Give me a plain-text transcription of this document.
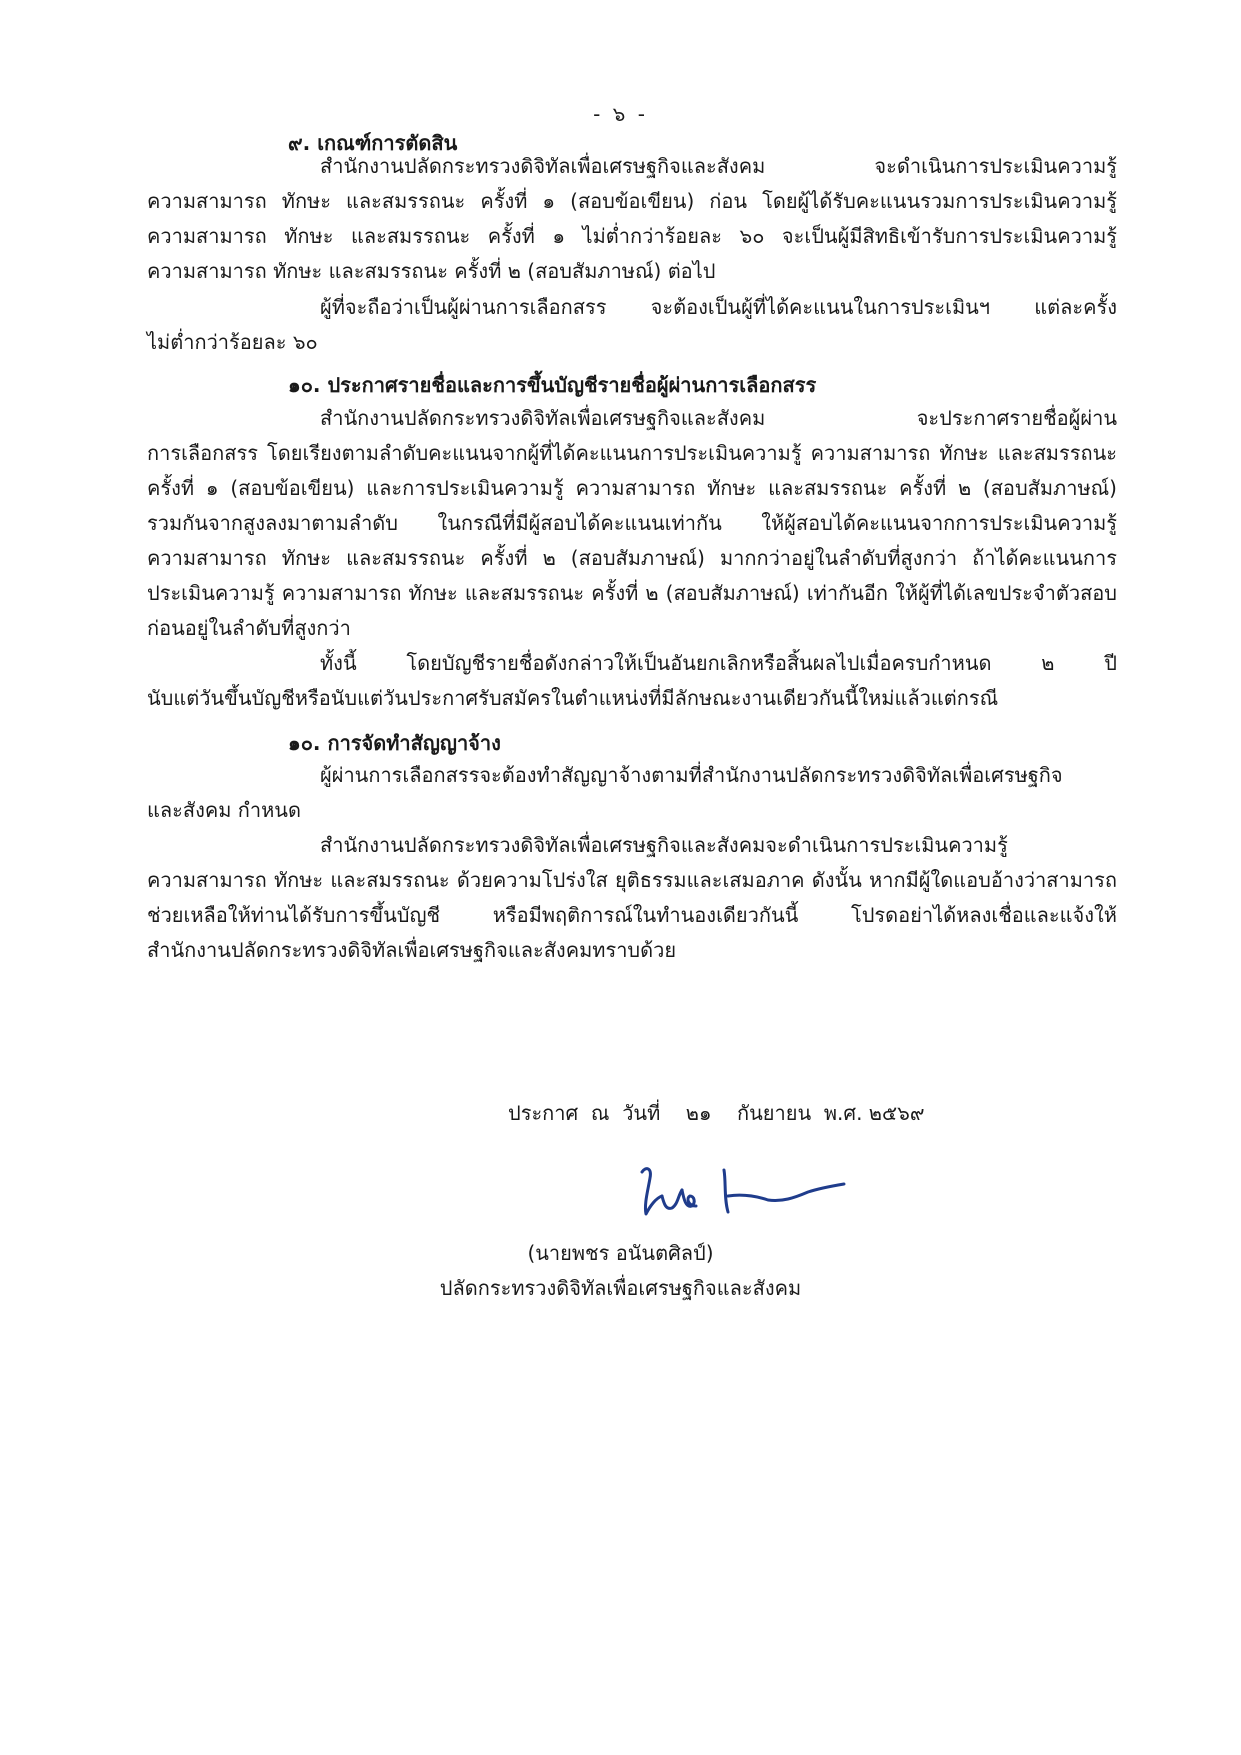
- ๖ -
๙. เกณฑ์การตัดสิน
สำนักงานปลัดกระทรวงดิจิทัลเพื่อเศรษฐกิจและสังคม จะดำเนินการประเมินความรู้
ความสามารถ ทักษะ และสมรรถนะ ครั้งที่ ๑ (สอบข้อเขียน) ก่อน โดยผู้ได้รับคะแนนรวมการประเมินความรู้
ความสามารถ ทักษะ และสมรรถนะ ครั้งที่ ๑ ไม่ต่ำกว่าร้อยละ ๖๐ จะเป็นผู้มีสิทธิเข้ารับการประเมินความรู้
ความสามารถ ทักษะ และสมรรถนะ ครั้งที่ ๒ (สอบสัมภาษณ์) ต่อไป
ผู้ที่จะถือว่าเป็นผู้ผ่านการเลือกสรร จะต้องเป็นผู้ที่ได้คะแนนในการประเมินฯ แต่ละครั้ง
ไม่ต่ำกว่าร้อยละ ๖๐
๑๐. ประกาศรายชื่อและการขึ้นบัญชีรายชื่อผู้ผ่านการเลือกสรร
สำนักงานปลัดกระทรวงดิจิทัลเพื่อเศรษฐกิจและสังคม จะประกาศรายชื่อผู้ผ่าน
การเลือกสรร โดยเรียงตามลำดับคะแนนจากผู้ที่ได้คะแนนการประเมินความรู้ ความสามารถ ทักษะ และสมรรถนะ
ครั้งที่ ๑ (สอบข้อเขียน) และการประเมินความรู้ ความสามารถ ทักษะ และสมรรถนะ ครั้งที่ ๒ (สอบสัมภาษณ์)
รวมกันจากสูงลงมาตามลำดับ ในกรณีที่มีผู้สอบได้คะแนนเท่ากัน ให้ผู้สอบได้คะแนนจากการประเมินความรู้
ความสามารถ ทักษะ และสมรรถนะ ครั้งที่ ๒ (สอบสัมภาษณ์) มากกว่าอยู่ในลำดับที่สูงกว่า ถ้าได้คะแนนการ
ประเมินความรู้ ความสามารถ ทักษะ และสมรรถนะ ครั้งที่ ๒ (สอบสัมภาษณ์) เท่ากันอีก ให้ผู้ที่ได้เลขประจำตัวสอบ
ก่อนอยู่ในลำดับที่สูงกว่า
ทั้งนี้ โดยบัญชีรายชื่อดังกล่าวให้เป็นอันยกเลิกหรือสิ้นผลไปเมื่อครบกำหนด ๒ ปี
นับแต่วันขึ้นบัญชีหรือนับแต่วันประกาศรับสมัครในตำแหน่งที่มีลักษณะงานเดียวกันนี้ใหม่แล้วแต่กรณี
๑๐. การจัดทำสัญญาจ้าง
ผู้ผ่านการเลือกสรรจะต้องทำสัญญาจ้างตามที่สำนักงานปลัดกระทรวงดิจิทัลเพื่อเศรษฐกิจ
และสังคม กำหนด
สำนักงานปลัดกระทรวงดิจิทัลเพื่อเศรษฐกิจและสังคมจะดำเนินการประเมินความรู้
ความสามารถ ทักษะ และสมรรถนะ ด้วยความโปร่งใส ยุติธรรมและเสมอภาค ดังนั้น หากมีผู้ใดแอบอ้างว่าสามารถ
ช่วยเหลือให้ท่านได้รับการขึ้นบัญชี หรือมีพฤติการณ์ในทำนองเดียวกันนี้ โปรดอย่าได้หลงเชื่อและแจ้งให้
สำนักงานปลัดกระทรวงดิจิทัลเพื่อเศรษฐกิจและสังคมทราบด้วย
ประกาศ  ณ  วันที่    ๒๑    กันยายน  พ.ศ. ๒๕๖๙
(นายพชร อนันตศิลป์)
ปลัดกระทรวงดิจิทัลเพื่อเศรษฐกิจและสังคม
